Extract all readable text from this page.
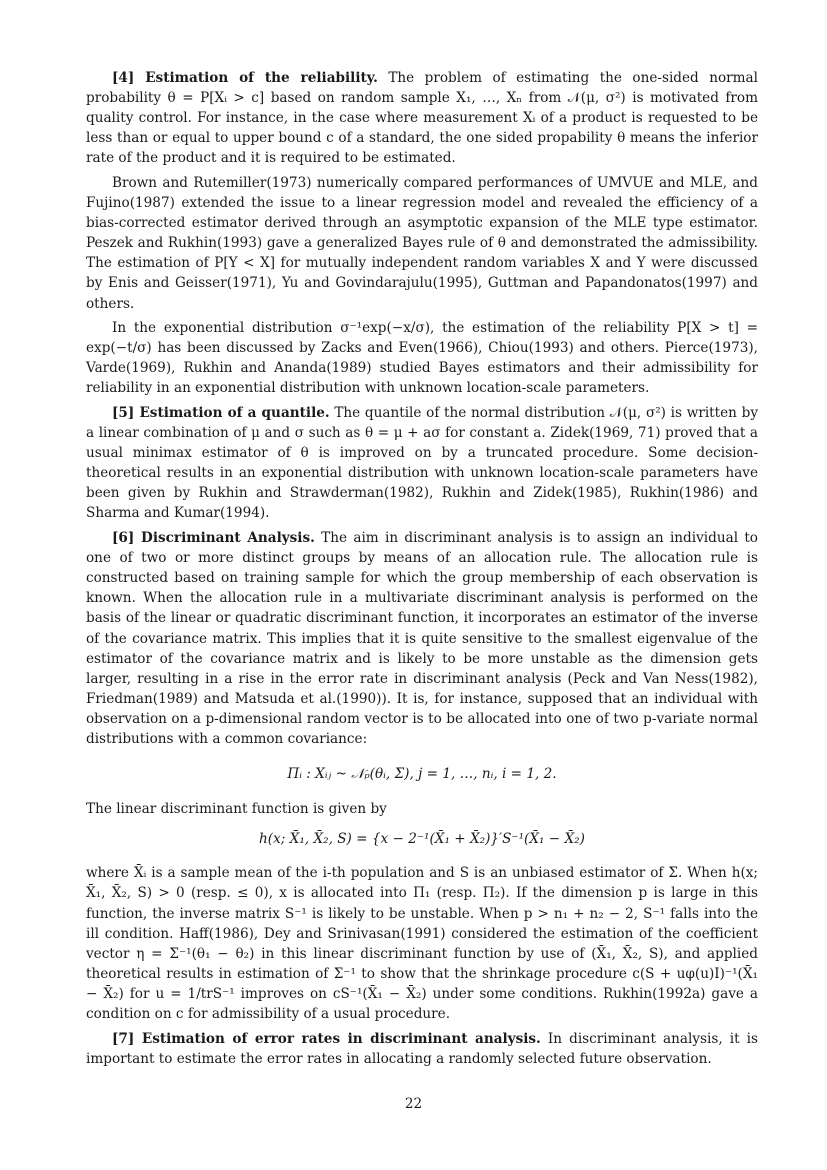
[4] Estimation of the reliability. The problem of estimating the one-sided normal probability θ = P[Xᵢ > c] based on random sample X₁, …, Xₙ from 𝒩(μ, σ²) is motivated from quality control. For instance, in the case where measurement Xᵢ of a product is requested to be less than or equal to upper bound c of a standard, the one sided propability θ means the inferior rate of the product and it is required to be estimated.

Brown and Rutemiller(1973) numerically compared performances of UMVUE and MLE, and Fujino(1987) extended the issue to a linear regression model and revealed the efficiency of a bias-corrected estimator derived through an asymptotic expansion of the MLE type estimator. Peszek and Rukhin(1993) gave a generalized Bayes rule of θ and demonstrated the admissibility. The estimation of P[Y < X] for mutually independent random variables X and Y were discussed by Enis and Geisser(1971), Yu and Govindarajulu(1995), Guttman and Papandonatos(1997) and others.

In the exponential distribution σ⁻¹exp(−x/σ), the estimation of the reliability P[X > t] = exp(−t/σ) has been discussed by Zacks and Even(1966), Chiou(1993) and others. Pierce(1973), Varde(1969), Rukhin and Ananda(1989) studied Bayes estimators and their admissibility for reliability in an exponential distribution with unknown location-scale parameters.

[5] Estimation of a quantile. The quantile of the normal distribution 𝒩(μ, σ²) is written by a linear combination of μ and σ such as θ = μ + aσ for constant a. Zidek(1969, 71) proved that a usual minimax estimator of θ is improved on by a truncated procedure. Some decision-theoretical results in an exponential distribution with unknown location-scale parameters have been given by Rukhin and Strawderman(1982), Rukhin and Zidek(1985), Rukhin(1986) and Sharma and Kumar(1994).

[6] Discriminant Analysis. The aim in discriminant analysis is to assign an individual to one of two or more distinct groups by means of an allocation rule. The allocation rule is constructed based on training sample for which the group membership of each observation is known. When the allocation rule in a multivariate discriminant analysis is performed on the basis of the linear or quadratic discriminant function, it incorporates an estimator of the inverse of the covariance matrix. This implies that it is quite sensitive to the smallest eigenvalue of the estimator of the covariance matrix and is likely to be more unstable as the dimension gets larger, resulting in a rise in the error rate in discriminant analysis (Peck and Van Ness(1982), Friedman(1989) and Matsuda et al.(1990)). It is, for instance, supposed that an individual with observation on a p-dimensional random vector is to be allocated into one of two p-variate normal distributions with a common covariance:

Πᵢ : Xᵢⱼ ~ 𝒩ₚ(θᵢ, Σ), j = 1, …, nᵢ, i = 1, 2.

The linear discriminant function is given by

h(x; X̄₁, X̄₂, S) = {x − 2⁻¹(X̄₁ + X̄₂)}′S⁻¹(X̄₁ − X̄₂)

where X̄ᵢ is a sample mean of the i-th population and S is an unbiased estimator of Σ. When h(x; X̄₁, X̄₂, S) > 0 (resp. ≤ 0), x is allocated into Π₁ (resp. Π₂). If the dimension p is large in this function, the inverse matrix S⁻¹ is likely to be unstable. When p > n₁ + n₂ − 2, S⁻¹ falls into the ill condition. Haff(1986), Dey and Srinivasan(1991) considered the estimation of the coefficient vector η = Σ⁻¹(θ₁ − θ₂) in this linear discriminant function by use of (X̄₁, X̄₂, S), and applied theoretical results in estimation of Σ⁻¹ to show that the shrinkage procedure c(S + uφ(u)I)⁻¹(X̄₁ − X̄₂) for u = 1/trS⁻¹ improves on cS⁻¹(X̄₁ − X̄₂) under some conditions. Rukhin(1992a) gave a condition on c for admissibility of a usual procedure.

[7] Estimation of error rates in discriminant analysis. In discriminant analysis, it is important to estimate the error rates in allocating a randomly selected future observation.

22
